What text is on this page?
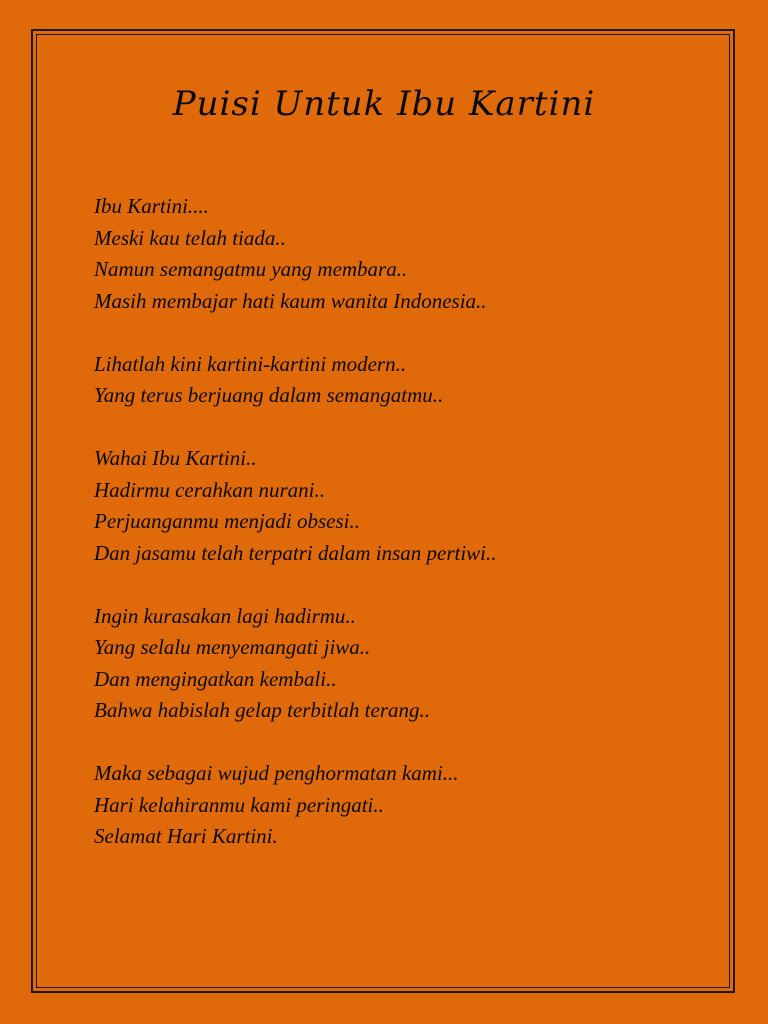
Puisi Untuk Ibu Kartini
Ibu Kartini....
Meski kau telah tiada..
Namun semangatmu yang membara..
Masih membajar hati kaum wanita Indonesia..
Lihatlah kini kartini-kartini modern..
Yang terus berjuang dalam semangatmu..
Wahai Ibu Kartini..
Hadirmu cerahkan nurani..
Perjuanganmu menjadi obsesi..
Dan jasamu telah terpatri dalam insan pertiwi..
Ingin kurasakan lagi hadirmu..
Yang selalu menyemangati jiwa..
Dan mengingatkan kembali..
Bahwa habislah gelap terbitlah terang..
Maka sebagai wujud penghormatan kami...
Hari kelahiranmu kami peringati..
Selamat Hari Kartini.
